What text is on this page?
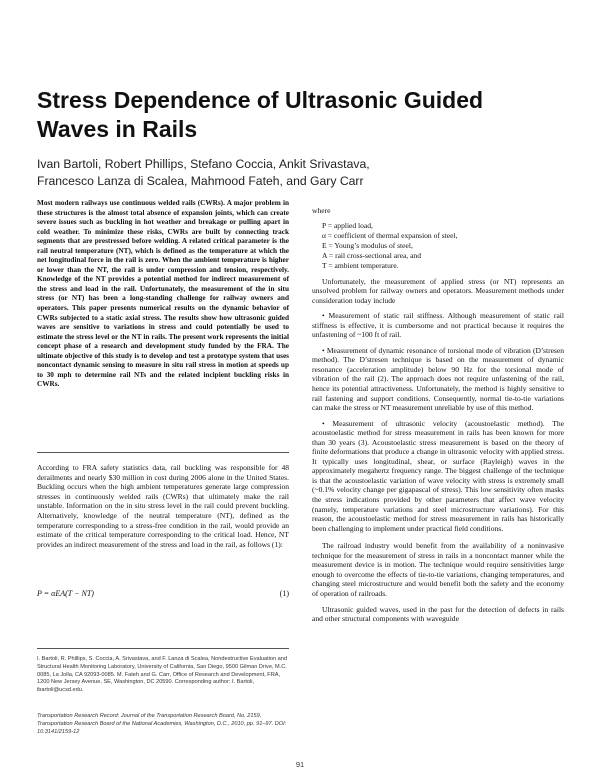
Stress Dependence of Ultrasonic Guided
Waves in Rails
Ivan Bartoli, Robert Phillips, Stefano Coccia, Ankit Srivastava,
Francesco Lanza di Scalea, Mahmood Fateh, and Gary Carr
Most modern railways use continuous welded rails (CWRs). A major problem in these structures is the almost total absence of expansion joints, which can create severe issues such as buckling in hot weather and breakage or pulling apart in cold weather. To minimize these risks, CWRs are built by connecting track segments that are prestressed before welding. A related critical parameter is the rail neutral temperature (NT), which is defined as the temperature at which the net longitudinal force in the rail is zero. When the ambient temperature is higher or lower than the NT, the rail is under compression and tension, respectively. Knowledge of the NT provides a potential method for indirect measurement of the stress and load in the rail. Unfortunately, the measurement of the in situ stress (or NT) has been a long-standing challenge for railway owners and operators. This paper presents numerical results on the dynamic behavior of CWRs subjected to a static axial stress. The results show how ultrasonic guided waves are sensitive to variations in stress and could potentially be used to estimate the stress level or the NT in rails. The present work represents the initial concept phase of a research and development study funded by the FRA. The ultimate objective of this study is to develop and test a prototype system that uses noncontact dynamic sensing to measure in situ rail stress in motion at speeds up to 30 mph to determine rail NTs and the related incipient buckling risks in CWRs.
According to FRA safety statistics data, rail buckling was responsible for 48 derailments and nearly $30 million in cost during 2006 alone in the United States. Buckling occurs when the high ambient temperatures generate large compression stresses in continuously welded rails (CWRs) that ultimately make the rail unstable. Information on the in situ stress level in the rail could prevent buckling. Alternatively, knowledge of the neutral temperature (NT), defined as the temperature corresponding to a stress-free condition in the rail, would provide an estimate of the critical temperature corresponding to the critical load. Hence, NT provides an indirect measurement of the stress and load in the rail, as follows (1):
P = αEA(T − NT)	(1)
I. Bartoli, R. Phillips, S. Coccia, A. Srivastava, and F. Lanza di Scalea, Nondestructive Evaluation and Structural Health Monitoring Laboratory, University of California, San Diego, 9500 Gilman Drive, M.C. 0085, La Jolla, CA 92093-0085. M. Fateh and G. Carr, Office of Research and Development, FRA, 1200 New Jersey Avenue, SE, Washington, DC 20590. Corresponding author: I. Bartoli, ibartoli@ucsd.edu.
Transportation Research Record: Journal of the Transportation Research Board, No. 2159, Transportation Research Board of the National Academies, Washington, D.C., 2010, pp. 91–97. DOI: 10.3141/2159-12

where

P = applied load,
α = coefficient of thermal expansion of steel,
E = Young’s modulus of steel,
A = rail cross-sectional area, and
T = ambient temperature.

Unfortunately, the measurement of applied stress (or NT) represents an unsolved problem for railway owners and operators. Measurement methods under consideration today include

• Measurement of static rail stiffness. Although measurement of static rail stiffness is effective, it is cumbersome and not practical because it requires the unfastening of ~100 ft of rail.

• Measurement of dynamic resonance of torsional mode of vibration (D’stresen method). The D’stresen technique is based on the measurement of dynamic resonance (acceleration amplitude) below 90 Hz for the torsional mode of vibration of the rail (2). The approach does not require unfastening of the rail, hence its potential attractiveness. Unfortunately, the method is highly sensitive to rail fastening and support conditions. Consequently, normal tie-to-tie variations can make the stress or NT measurement unreliable by use of this method.

• Measurement of ultrasonic velocity (acoustoelastic method). The acoustoelastic method for stress measurement in rails has been known for more than 30 years (3). Acoustoelastic stress measurement is based on the theory of finite deformations that produce a change in ultrasonic velocity with applied stress. It typically uses longitudinal, shear, or surface (Rayleigh) waves in the approximately megahertz frequency range. The biggest challenge of the technique is that the acoustoelastic variation of wave velocity with stress is extremely small (~0.1% velocity change per gigapascal of stress). This low sensitivity often masks the stress indications provided by other parameters that affect wave velocity (namely, temperature variations and steel microstructure variations). For this reason, the acoustoelastic method for stress measurement in rails has historically been challenging to implement under practical field conditions.

The railroad industry would benefit from the availability of a noninvasive technique for the measurement of stress in rails in a noncontact manner while the measurement device is in motion. The technique would require sensitivities large enough to overcome the effects of tie-to-tie variations, changing temperatures, and changing steel microstructure and would benefit both the safety and the economy of operation of railroads.

Ultrasonic guided waves, used in the past for the detection of defects in rails and other structural components with waveguide

91
